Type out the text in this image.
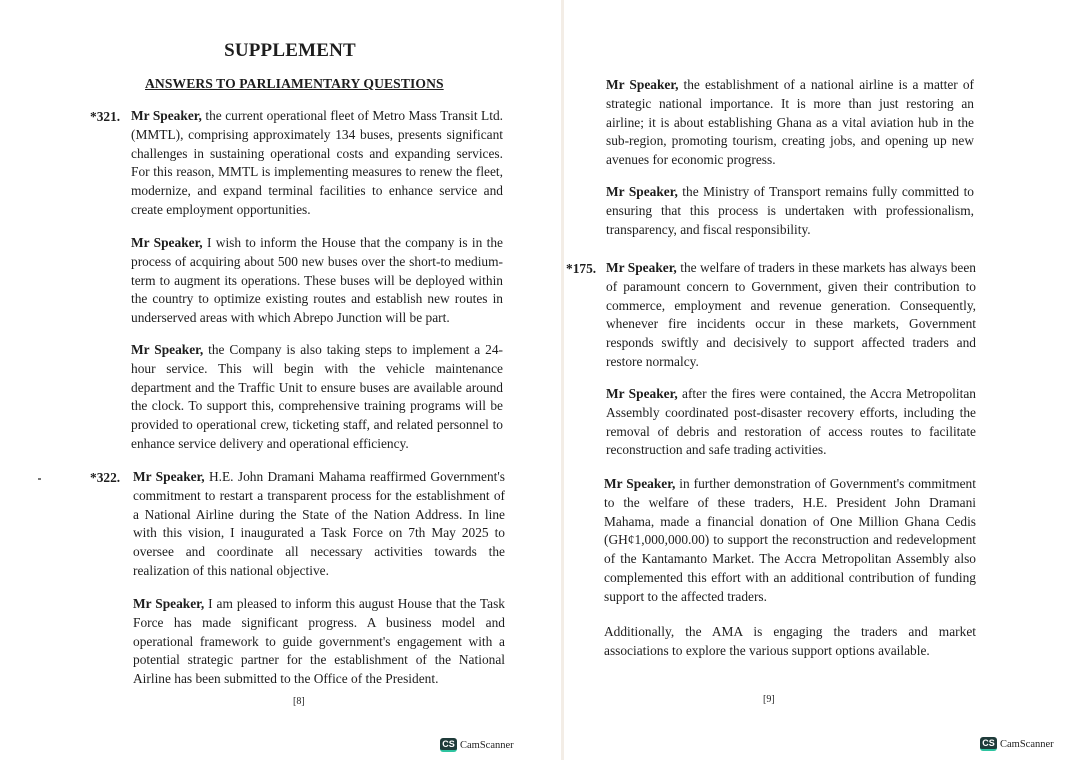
SUPPLEMENT
ANSWERS TO PARLIAMENTARY QUESTIONS
*321. Mr Speaker, the current operational fleet of Metro Mass Transit Ltd. (MMTL), comprising approximately 134 buses, presents significant challenges in sustaining operational costs and expanding services. For this reason, MMTL is implementing measures to renew the fleet, modernize, and expand terminal facilities to enhance service and create employment opportunities.
Mr Speaker, I wish to inform the House that the company is in the process of acquiring about 500 new buses over the short-to medium-term to augment its operations. These buses will be deployed within the country to optimize existing routes and establish new routes in underserved areas with which Abrepo Junction will be part.
Mr Speaker, the Company is also taking steps to implement a 24-hour service. This will begin with the vehicle maintenance department and the Traffic Unit to ensure buses are available around the clock. To support this, comprehensive training programs will be provided to operational crew, ticketing staff, and related personnel to enhance service delivery and operational efficiency.
*322. Mr Speaker, H.E. John Dramani Mahama reaffirmed Government's commitment to restart a transparent process for the establishment of a National Airline during the State of the Nation Address. In line with this vision, I inaugurated a Task Force on 7th May 2025 to oversee and coordinate all necessary activities towards the realization of this national objective.
Mr Speaker, I am pleased to inform this august House that the Task Force has made significant progress. A business model and operational framework to guide government's engagement with a potential strategic partner for the establishment of the National Airline has been submitted to the Office of the President.
[8]
CS CamScanner
Mr Speaker, the establishment of a national airline is a matter of strategic national importance. It is more than just restoring an airline; it is about establishing Ghana as a vital aviation hub in the sub-region, promoting tourism, creating jobs, and opening up new avenues for economic progress.
Mr Speaker, the Ministry of Transport remains fully committed to ensuring that this process is undertaken with professionalism, transparency, and fiscal responsibility.
*175. Mr Speaker, the welfare of traders in these markets has always been of paramount concern to Government, given their contribution to commerce, employment and revenue generation. Consequently, whenever fire incidents occur in these markets, Government responds swiftly and decisively to support affected traders and restore normalcy.
Mr Speaker, after the fires were contained, the Accra Metropolitan Assembly coordinated post-disaster recovery efforts, including the removal of debris and restoration of access routes to facilitate reconstruction and safe trading activities.
Mr Speaker, in further demonstration of Government's commitment to the welfare of these traders, H.E. President John Dramani Mahama, made a financial donation of One Million Ghana Cedis (GH¢1,000,000.00) to support the reconstruction and redevelopment of the Kantamanto Market. The Accra Metropolitan Assembly also complemented this effort with an additional contribution of funding support to the affected traders.
Additionally, the AMA is engaging the traders and market associations to explore the various support options available.
[9]
CS CamScanner
